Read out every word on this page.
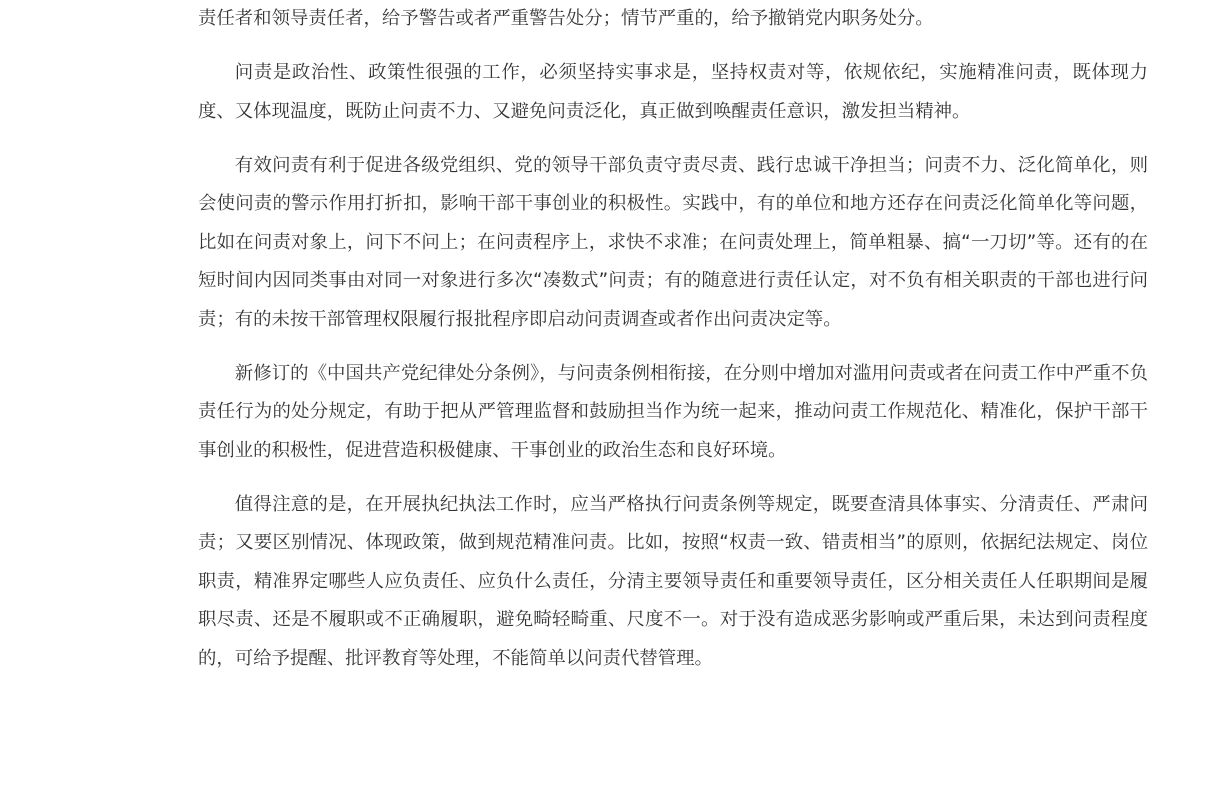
责任者和领导责任者，给予警告或者严重警告处分；情节严重的，给予撤销党内职务处分。

问责是政治性、政策性很强的工作，必须坚持实事求是，坚持权责对等，依规依纪，实施精准问责，既体现力度、又体现温度，既防止问责不力、又避免问责泛化，真正做到唤醒责任意识，激发担当精神。

有效问责有利于促进各级党组织、党的领导干部负责守责尽责、践行忠诚干净担当；问责不力、泛化简单化，则会使问责的警示作用打折扣，影响干部干事创业的积极性。实践中，有的单位和地方还存在问责泛化简单化等问题，比如在问责对象上，问下不问上；在问责程序上，求快不求准；在问责处理上，简单粗暴、搞“一刀切”等。还有的在短时间内因同类事由对同一对象进行多次“凑数式”问责；有的随意进行责任认定，对不负有相关职责的干部也进行问责；有的未按干部管理权限履行报批程序即启动问责调查或者作出问责决定等。

新修订的《中国共产党纪律处分条例》，与问责条例相衔接，在分则中增加对滥用问责或者在问责工作中严重不负责任行为的处分规定，有助于把从严管理监督和鼓励担当作为统一起来，推动问责工作规范化、精准化，保护干部干事创业的积极性，促进营造积极健康、干事创业的政治生态和良好环境。

值得注意的是，在开展执纪执法工作时，应当严格执行问责条例等规定，既要查清具体事实、分清责任、严肃问责；又要区别情况、体现政策，做到规范精准问责。比如，按照“权责一致、错责相当”的原则，依据纪法规定、岗位职责，精准界定哪些人应负责任、应负什么责任，分清主要领导责任和重要领导责任，区分相关责任人任职期间是履职尽责、还是不履职或不正确履职，避免畸轻畸重、尺度不一。对于没有造成恶劣影响或严重后果，未达到问责程度的，可给予提醒、批评教育等处理，不能简单以问责代替管理。
